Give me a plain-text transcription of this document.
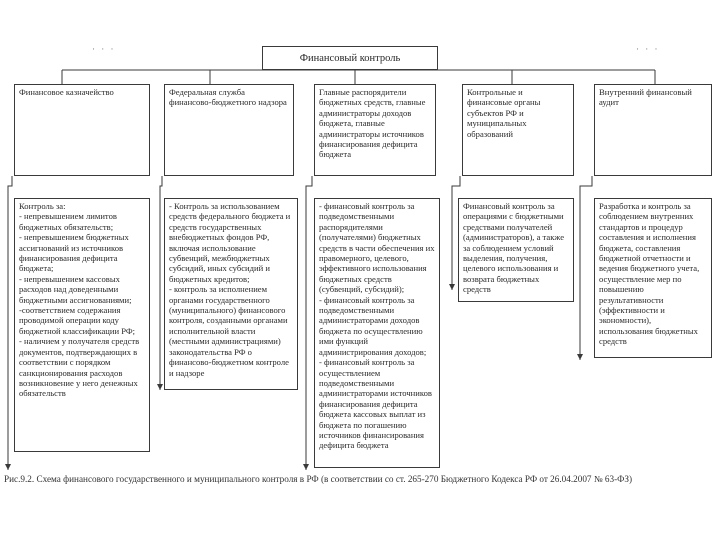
· · ·	· · ·
Финансовый контроль
Финансовое казначейство	Федеральная служба финансово-бюджетного надзора
Главные распорядители бюджетных средств, главные администраторы доходов бюджета, главные администраторы источников финансирования дефицита бюджета
Контрольные и финансовые органы субъектов РФ и муниципальных образований
Внутренний финансовый аудит
Контроль за:
- непревышением лимитов бюджетных обязательств;
- непревышением бюджетных ассигнований из источников финансирования дефицита бюджета;
- непревышением кассовых расходов над доведенными бюджетными ассигнованиями;
-соответствием содержания проводимой операции коду бюджетной классификации РФ;
- наличием у получателя средств документов, подтверждающих в соответствии с порядком санкционирования расходов возникновение у него денежных обязательств
- Контроль за использованием средств федерального бюджета и средств государственных внебюджетных фондов РФ, включая использование субвенций, межбюджетных субсидий, иных субсидий и бюджетных кредитов;
- контроль за исполнением органами государственного (муниципального) финансового контроля, созданными органами исполнительной власти (местными администрациями) законодательства РФ о финансово-бюджетном контроле и надзоре
- финансовый контроль за подведомственными распорядителями (получателями) бюджетных средств в части обеспечения их правомерного, целевого, эффективного использования бюджетных средств (субвенций, субсидий);
- финансовый контроль за подведомственными администраторами доходов бюджета по осуществлению ими функций администрирования доходов;
- финансовый контроль за осуществлением подведомственными администраторами источников финансирования дефицита бюджета кассовых выплат из бюджета по погашению источников финансирования дефицита бюджета
Финансовый контроль за операциями с бюджетными средствами получателей (администраторов), а также за соблюдением условий выделения, получения, целевого использования и возврата бюджетных средств
Разработка и контроль за соблюдением внутренних стандартов и процедур составления и исполнения бюджета, составления бюджетной отчетности и ведения бюджетного учета, осуществление мер по повышению результативности (эффективности и экономности), использования бюджетных средств
Рис.9.2. Схема финансового государственного и муниципального контроля в РФ (в соответствии со ст. 265-270 Бюджетного Кодекса РФ от 26.04.2007 № 63-ФЗ)
